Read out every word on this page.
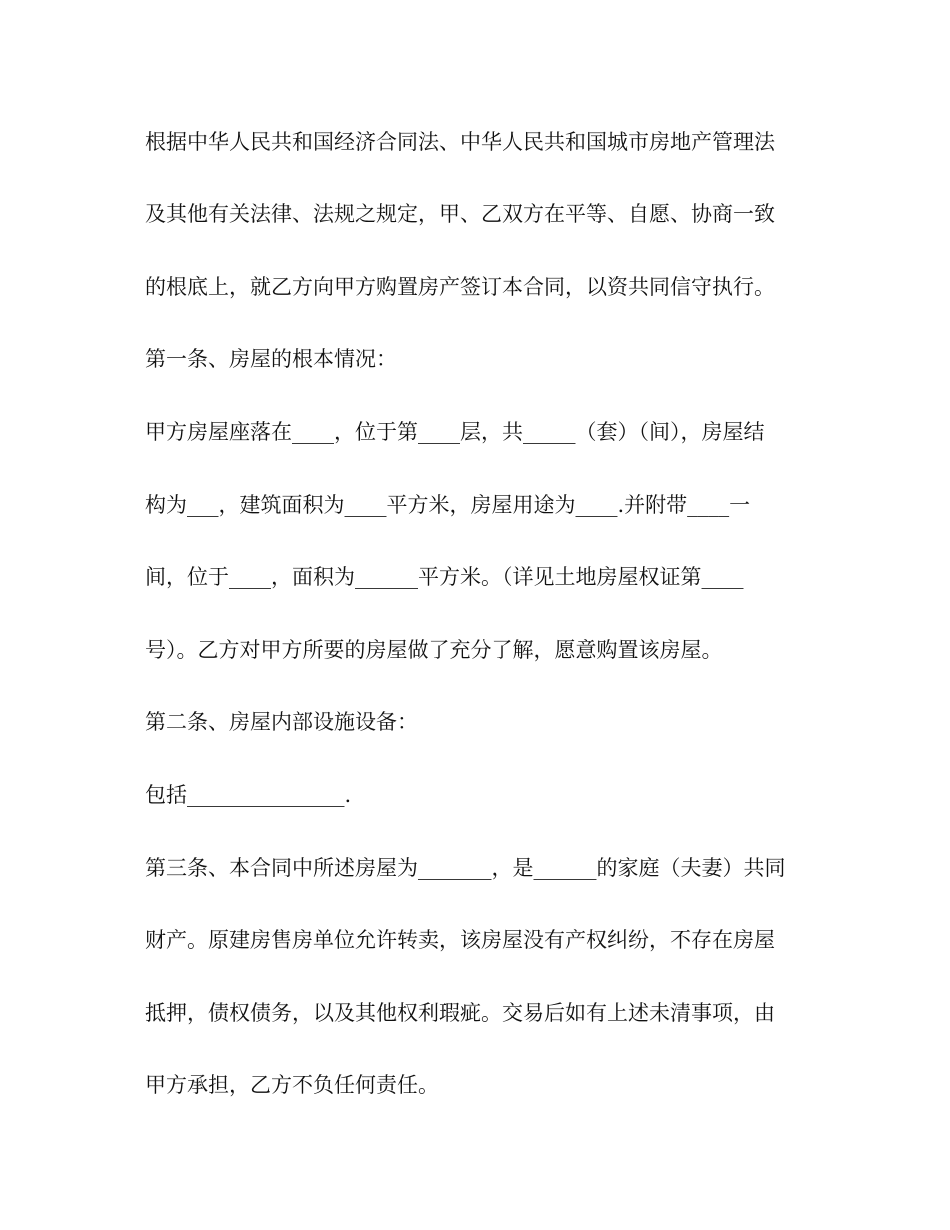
根据中华人民共和国经济合同法、中华人民共和国城市房地产管理法
及其他有关法律、法规之规定，甲、乙双方在平等、自愿、协商一致
的根底上，就乙方向甲方购置房产签订本合同，以资共同信守执行。
第一条、房屋的根本情况：
甲方房屋座落在____，位于第____层，共_____（套）（间），房屋结
构为___，建筑面积为____平方米，房屋用途为____.并附带____一
间，位于____，面积为______平方米。（详见土地房屋权证第____
号）。乙方对甲方所要的房屋做了充分了解，愿意购置该房屋。
第二条、房屋内部设施设备：
包括_______________.
第三条、本合同中所述房屋为_______，是______的家庭（夫妻）共同
财产。原建房售房单位允许转卖，该房屋没有产权纠纷，不存在房屋
抵押，债权债务，以及其他权利瑕疵。交易后如有上述未清事项，由
甲方承担，乙方不负任何责任。
